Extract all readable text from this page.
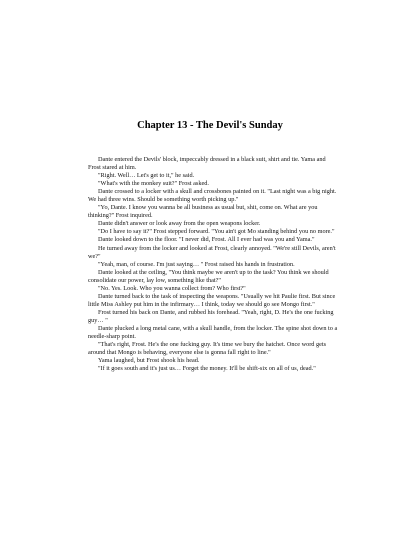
Chapter 13 - The Devil's Sunday

Dante entered the Devils' block, impeccably dressed in a black suit, shirt and tie. Yama and Frost stared at him.

"Right. Well… Let's get to it," he said.

"What's with the monkey suit?" Frost asked.

Dante crossed to a locker with a skull and crossbones painted on it. "Last night was a big night. We had three wins. Should be something worth picking up."

"Yo, Dante. I know you wanna be all business as usual but, shit, come on. What are you thinking?" Frost inquired.

Dante didn't answer or look away from the open weapons locker.

"Do I have to say it?" Frost stepped forward. "You ain't got Mo standing behind you no more."

Dante looked down to the floor. "I never did, Frost. All I ever had was you and Yama."

He turned away from the locker and looked at Frost, clearly annoyed. "We're still Devils, aren't we?"

"Yeah, man, of course. I'm just saying… " Frost raised his hands in frustration.

Dante looked at the ceiling, "You think maybe we aren't up to the task? You think we should consolidate our power, lay low, something like that?"

"No. Yes. Look. Who you wanna collect from? Who first?"

Dante turned back to the task of inspecting the weapons. "Usually we hit Paulie first. But since little Miss Ashley put him in the infirmary… I think, today we should go see Mongo first."

Frost turned his back on Dante, and rubbed his forehead. "Yeah, right, D. He's the one fucking guy… "

Dante plucked a long metal cane, with a skull handle, from the locker. The spine shot down to a needle-sharp point.

"That's right, Frost. He's the one fucking guy. It's time we bury the hatchet. Once word gets around that Mongo is behaving, everyone else is gonna fall right to line."

Yama laughed, but Frost shook his head.

"If it goes south and it's just us… Forget the money. It'll be shift-six on all of us, dead."
